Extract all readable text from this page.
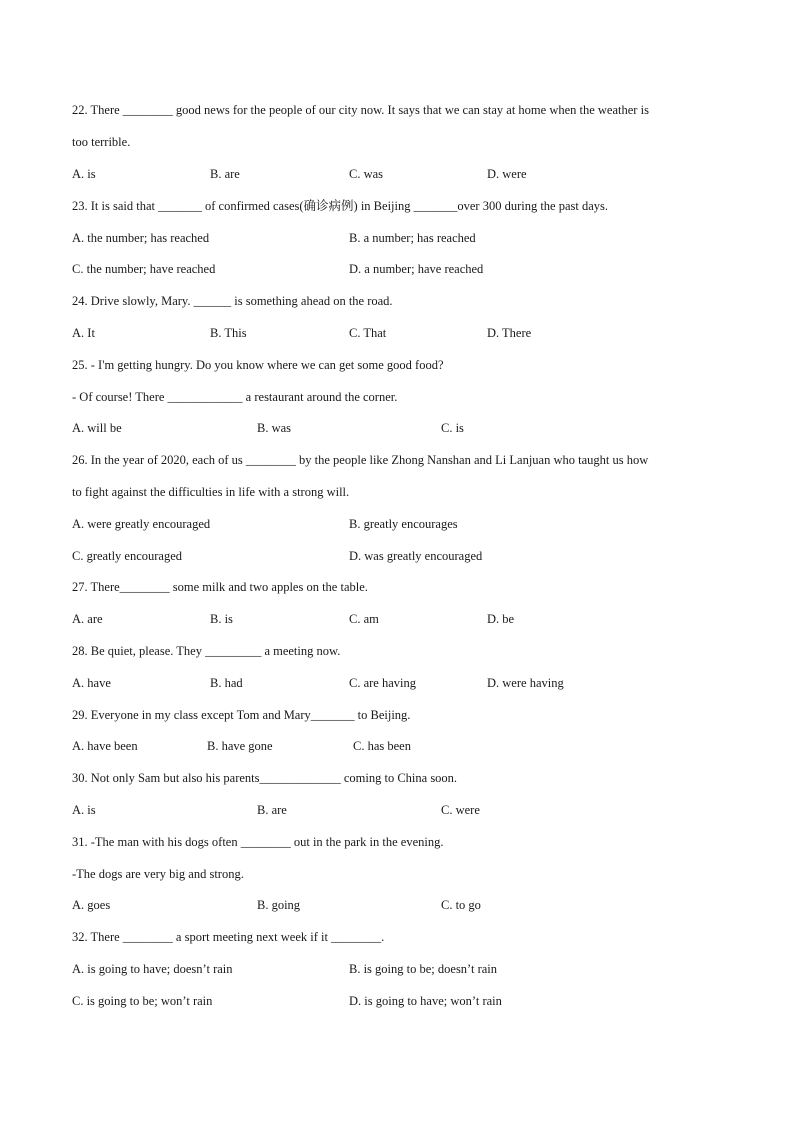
22. There ________ good news for the people of our city now. It says that we can stay at home when the weather is

too terrible.

A. is	B. are	C. was	D. were

23. It is said that _______ of confirmed cases(确诊病例) in Beijing _______over 300 during the past days.

A. the number; has reached	B. a number; has reached
C. the number; have reached	D. a number; have reached

24. Drive slowly, Mary. ______ is something ahead on the road.

A. It	B. This	C. That	D. There

25. - I'm getting hungry. Do you know where we can get some good food?

- Of course! There ____________ a restaurant around the corner.

A. will be	B. was	C. is

26. In the year of 2020, each of us ________ by the people like Zhong Nanshan and Li Lanjuan who taught us how

to fight against the difficulties in life with a strong will.

A. were greatly encouraged	B. greatly encourages
C. greatly encouraged	D. was greatly encouraged

27. There________ some milk and two apples on the table.

A. are	B. is	C. am	D. be

28. Be quiet, please. They _________ a meeting now.

A. have	B. had	C. are having	D. were having

29. Everyone in my class except Tom and Mary_______ to Beijing.

A. have been	B. have gone	C. has been

30. Not only Sam but also his parents_____________ coming to China soon.

A. is	B. are	C. were

31. -The man with his dogs often ________ out in the park in the evening.

-The dogs are very big and strong.

A. goes	B. going	C. to go

32. There ________ a sport meeting next week if it ________.

A. is going to have; doesn’t rain	B. is going to be; doesn’t rain
C. is going to be; won’t rain	D. is going to have; won’t rain
